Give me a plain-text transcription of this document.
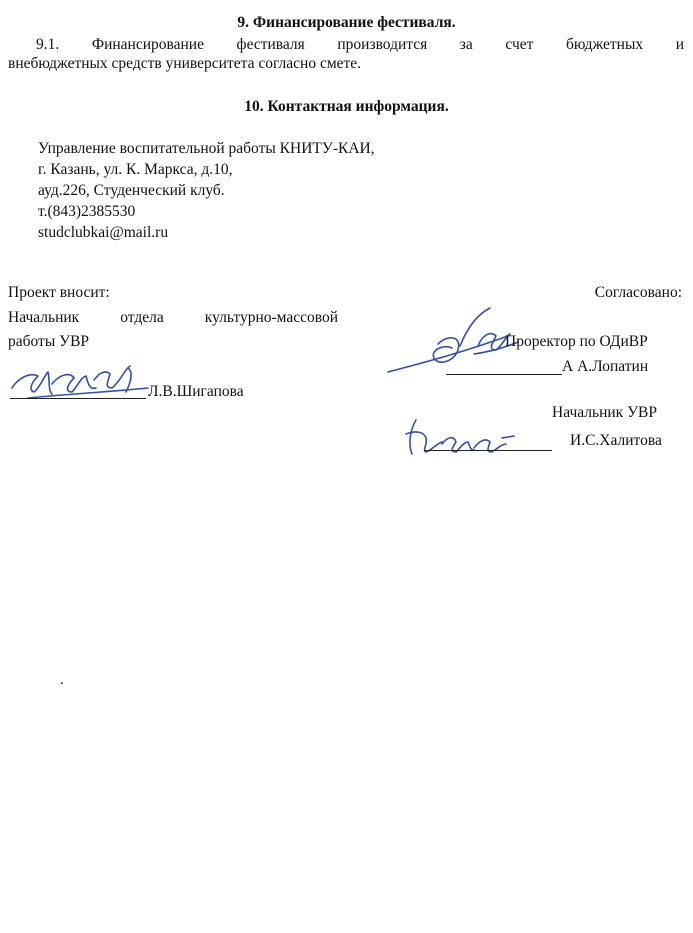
9. Финансирование фестиваля.
9.1. Финансирование фестиваля производится за счет бюджетных и
внебюджетных средств университета согласно смете.
10. Контактная информация.
Управление воспитательной работы КНИТУ-КАИ,
г. Казань, ул. К. Маркса, д.10,
ауд.226, Студенческий клуб.
т.(843)2385530
studclubkai@mail.ru
Проект вносит:
Начальник отдела культурно-массовой
работы УВР
Л.В.Шигапова
Согласовано:
Проректор по ОДиВР
А А.Лопатин
Начальник УВР
И.С.Халитова
.
